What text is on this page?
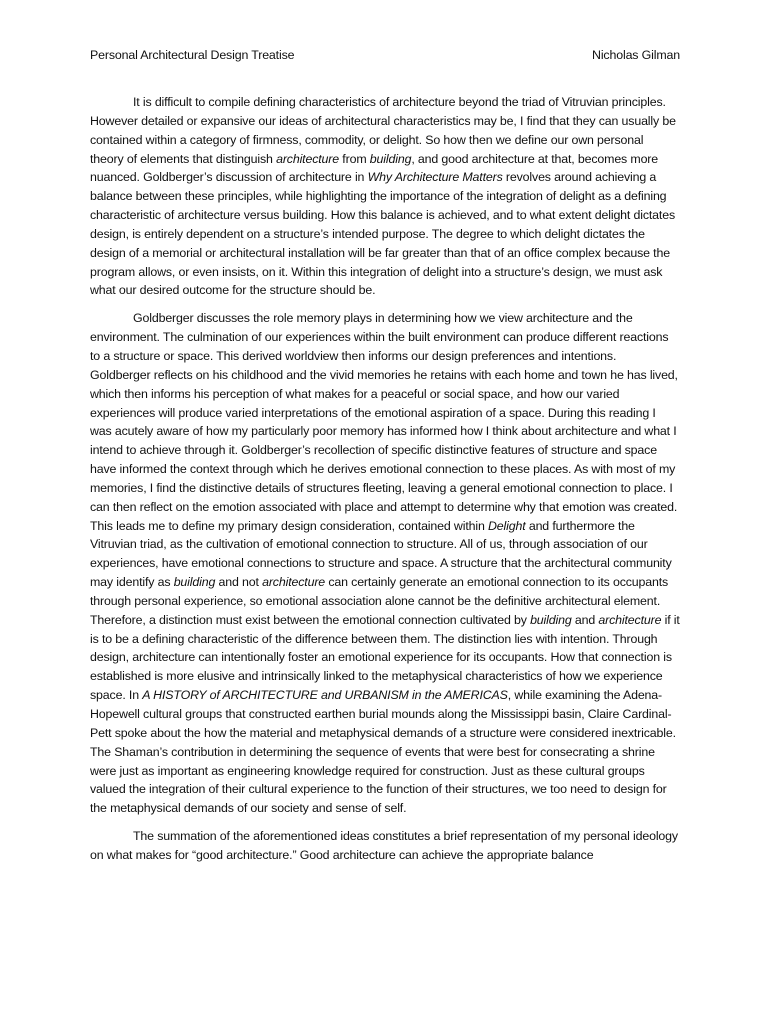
Personal Architectural Design Treatise	Nicholas Gilman

It is difficult to compile defining characteristics of architecture beyond the triad of Vitruvian principles. However detailed or expansive our ideas of architectural characteristics may be, I find that they can usually be contained within a category of firmness, commodity, or delight. So how then we define our own personal theory of elements that distinguish architecture from building, and good architecture at that, becomes more nuanced. Goldberger’s discussion of architecture in Why Architecture Matters revolves around achieving a balance between these principles, while highlighting the importance of the integration of delight as a defining characteristic of architecture versus building. How this balance is achieved, and to what extent delight dictates design, is entirely dependent on a structure’s intended purpose. The degree to which delight dictates the design of a memorial or architectural installation will be far greater than that of an office complex because the program allows, or even insists, on it. Within this integration of delight into a structure’s design, we must ask what our desired outcome for the structure should be.

Goldberger discusses the role memory plays in determining how we view architecture and the environment. The culmination of our experiences within the built environment can produce different reactions to a structure or space. This derived worldview then informs our design preferences and intentions. Goldberger reflects on his childhood and the vivid memories he retains with each home and town he has lived, which then informs his perception of what makes for a peaceful or social space, and how our varied experiences will produce varied interpretations of the emotional aspiration of a space. During this reading I was acutely aware of how my particularly poor memory has informed how I think about architecture and what I intend to achieve through it. Goldberger’s recollection of specific distinctive features of structure and space have informed the context through which he derives emotional connection to these places. As with most of my memories, I find the distinctive details of structures fleeting, leaving a general emotional connection to place. I can then reflect on the emotion associated with place and attempt to determine why that emotion was created. This leads me to define my primary design consideration, contained within Delight and furthermore the Vitruvian triad, as the cultivation of emotional connection to structure. All of us, through association of our experiences, have emotional connections to structure and space. A structure that the architectural community may identify as building and not architecture can certainly generate an emotional connection to its occupants through personal experience, so emotional association alone cannot be the definitive architectural element. Therefore, a distinction must exist between the emotional connection cultivated by building and architecture if it is to be a defining characteristic of the difference between them. The distinction lies with intention. Through design, architecture can intentionally foster an emotional experience for its occupants. How that connection is established is more elusive and intrinsically linked to the metaphysical characteristics of how we experience space. In A HISTORY of ARCHITECTURE and URBANISM in the AMERICAS, while examining the Adena-Hopewell cultural groups that constructed earthen burial mounds along the Mississippi basin, Claire Cardinal-Pett spoke about the how the material and metaphysical demands of a structure were considered inextricable. The Shaman’s contribution in determining the sequence of events that were best for consecrating a shrine were just as important as engineering knowledge required for construction. Just as these cultural groups valued the integration of their cultural experience to the function of their structures, we too need to design for the metaphysical demands of our society and sense of self.

The summation of the aforementioned ideas constitutes a brief representation of my personal ideology on what makes for “good architecture.” Good architecture can achieve the appropriate balance
